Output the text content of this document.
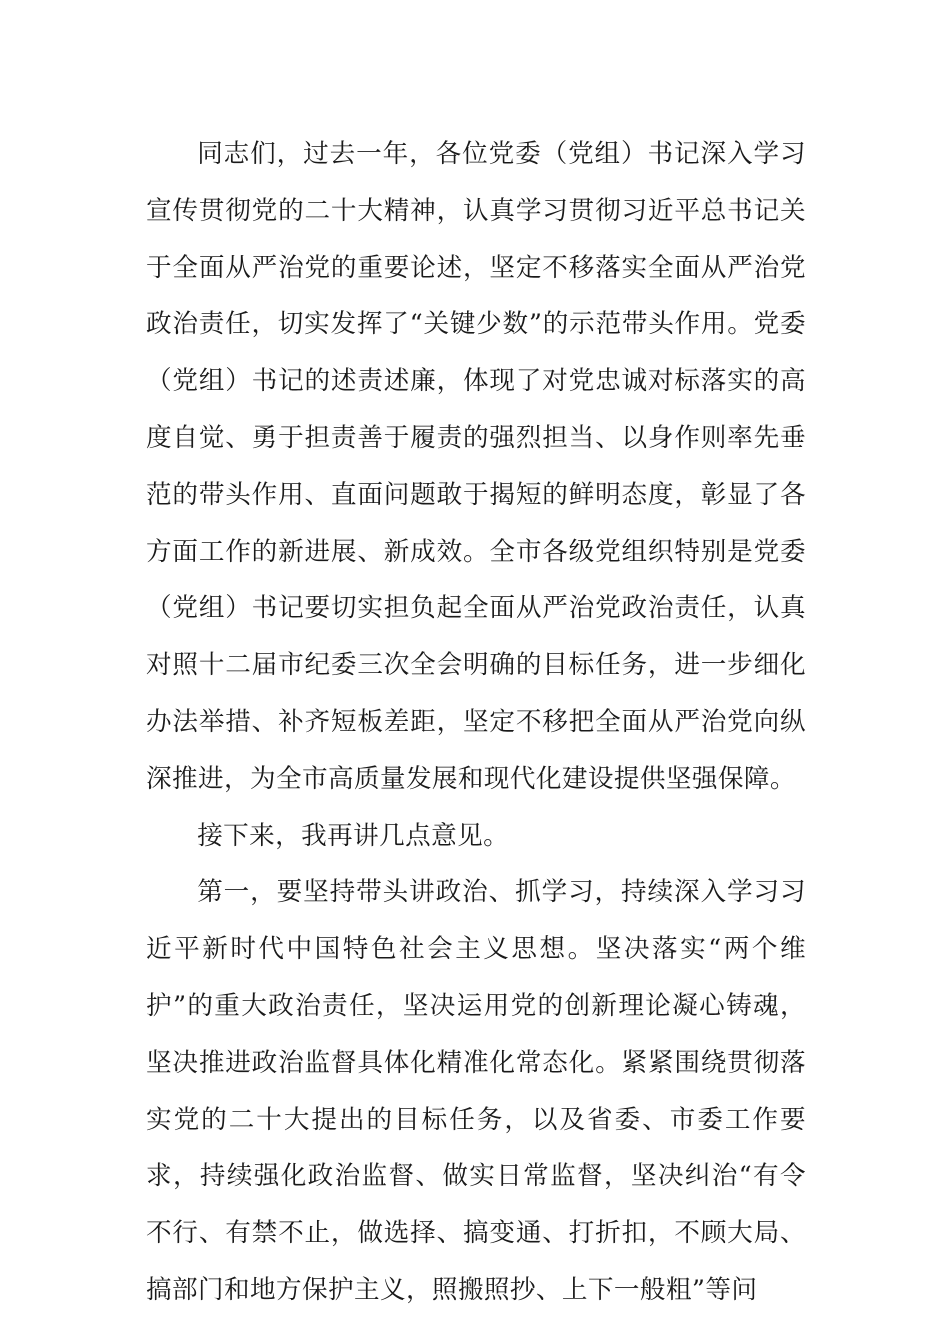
同志们，过去一年，各位党委（党组）书记深入学习宣传贯彻党的二十大精神，认真学习贯彻习近平总书记关于全面从严治党的重要论述，坚定不移落实全面从严治党政治责任，切实发挥了“关键少数”的示范带头作用。党委（党组）书记的述责述廉，体现了对党忠诚对标落实的高度自觉、勇于担责善于履责的强烈担当、以身作则率先垂范的带头作用、直面问题敢于揭短的鲜明态度，彰显了各方面工作的新进展、新成效。全市各级党组织特别是党委（党组）书记要切实担负起全面从严治党政治责任，认真对照十二届市纪委三次全会明确的目标任务，进一步细化办法举措、补齐短板差距，坚定不移把全面从严治党向纵深推进，为全市高质量发展和现代化建设提供坚强保障。

接下来，我再讲几点意见。

第一，要坚持带头讲政治、抓学习，持续深入学习习近平新时代中国特色社会主义思想。坚决落实“两个维护”的重大政治责任，坚决运用党的创新理论凝心铸魂，坚决推进政治监督具体化精准化常态化。紧紧围绕贯彻落实党的二十大提出的目标任务，以及省委、市委工作要求，持续强化政治监督、做实日常监督，坚决纠治“有令不行、有禁不止，做选择、搞变通、打折扣，不顾大局、搞部门和地方保护主义，照搬照抄、上下一般粗”等问
